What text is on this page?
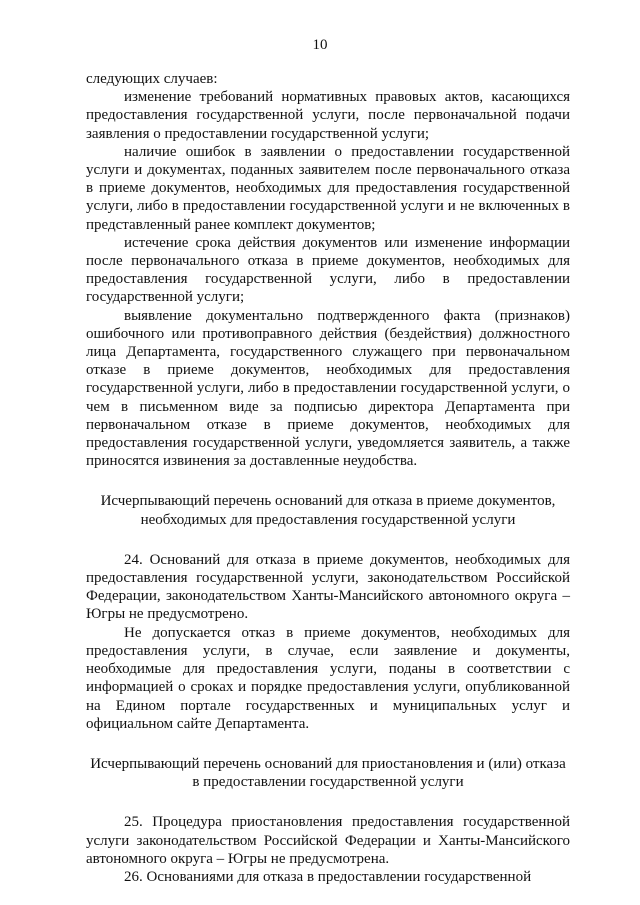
10

следующих случаев:

изменение требований нормативных правовых актов, касающихся предоставления государственной услуги, после первоначальной подачи заявления о предоставлении государственной услуги;

наличие ошибок в заявлении о предоставлении государственной услуги и документах, поданных заявителем после первоначального отказа в приеме документов, необходимых для предоставления государственной услуги, либо в предоставлении государственной услуги и не включенных в представленный ранее комплект документов;

истечение срока действия документов или изменение информации после первоначального отказа в приеме документов, необходимых для предоставления государственной услуги, либо в предоставлении государственной услуги;

выявление документально подтвержденного факта (признаков) ошибочного или противоправного действия (бездействия) должностного лица Департамента, государственного служащего при первоначальном отказе в приеме документов, необходимых для предоставления государственной услуги, либо в предоставлении государственной услуги, о чем в письменном виде за подписью директора Департамента при первоначальном отказе в приеме документов, необходимых для предоставления государственной услуги, уведомляется заявитель, а также приносятся извинения за доставленные неудобства.

Исчерпывающий перечень оснований для отказа в приеме документов, необходимых для предоставления государственной услуги

24. Оснований для отказа в приеме документов, необходимых для предоставления государственной услуги, законодательством Российской Федерации, законодательством Ханты-Мансийского автономного округа – Югры не предусмотрено.

Не допускается отказ в приеме документов, необходимых для предоставления услуги, в случае, если заявление и документы, необходимые для предоставления услуги, поданы в соответствии с информацией о сроках и порядке предоставления услуги, опубликованной на Едином портале государственных и муниципальных услуг и официальном сайте Департамента.

Исчерпывающий перечень оснований для приостановления и (или) отказа в предоставлении государственной услуги

25. Процедура приостановления предоставления государственной услуги законодательством Российской Федерации и Ханты-Мансийского автономного округа – Югры не предусмотрена.

26. Основаниями для отказа в предоставлении государственной
